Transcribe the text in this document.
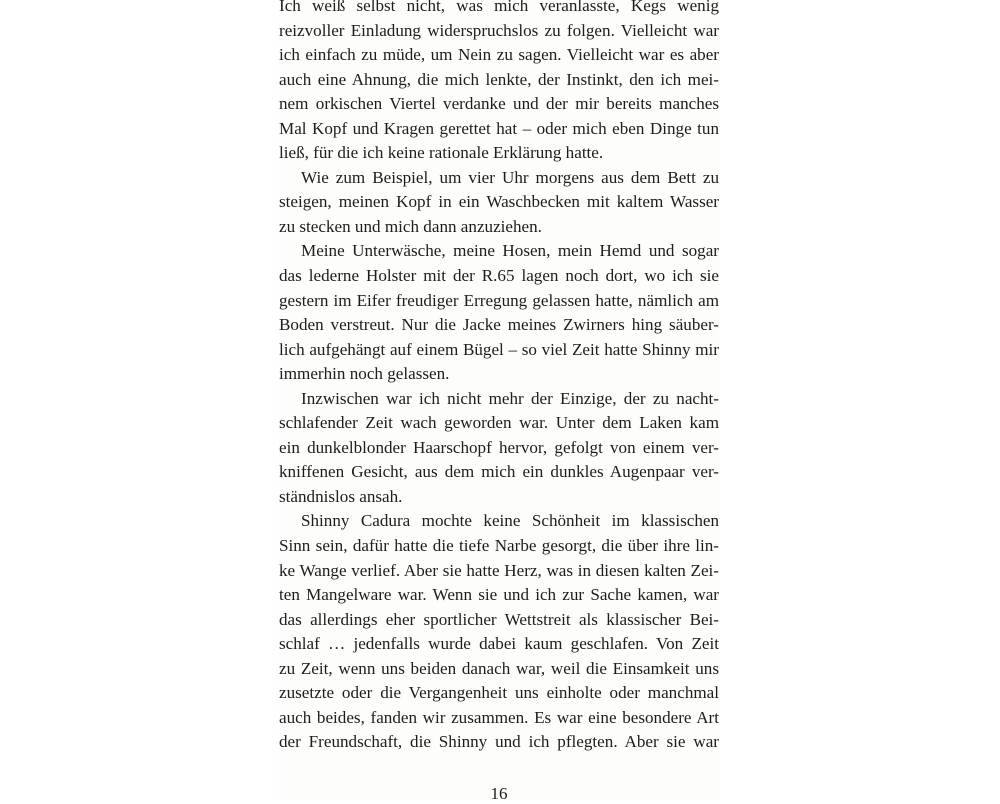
Ich weiß selbst nicht, was mich veranlasste, Kegs wenig
reizvoller Einladung widerspruchslos zu folgen. Vielleicht war
ich einfach zu müde, um Nein zu sagen. Vielleicht war es aber
auch eine Ahnung, die mich lenkte, der Instinkt, den ich mei-
nem orkischen Viertel verdanke und der mir bereits manches
Mal Kopf und Kragen gerettet hat – oder mich eben Dinge tun
ließ, für die ich keine rationale Erklärung hatte.
Wie zum Beispiel, um vier Uhr morgens aus dem Bett zu
steigen, meinen Kopf in ein Waschbecken mit kaltem Wasser
zu stecken und mich dann anzuziehen.
Meine Unterwäsche, meine Hosen, mein Hemd und sogar
das lederne Holster mit der R.65 lagen noch dort, wo ich sie
gestern im Eifer freudiger Erregung gelassen hatte, nämlich am
Boden verstreut. Nur die Jacke meines Zwirners hing säuber-
lich aufgehängt auf einem Bügel – so viel Zeit hatte Shinny mir
immerhin noch gelassen.
Inzwischen war ich nicht mehr der Einzige, der zu nacht-
schlafender Zeit wach geworden war. Unter dem Laken kam
ein dunkelblonder Haarschopf hervor, gefolgt von einem ver-
kniffenen Gesicht, aus dem mich ein dunkles Augenpaar ver-
ständnislos ansah.
Shinny Cadura mochte keine Schönheit im klassischen
Sinn sein, dafür hatte die tiefe Narbe gesorgt, die über ihre lin-
ke Wange verlief. Aber sie hatte Herz, was in diesen kalten Zei-
ten Mangelware war. Wenn sie und ich zur Sache kamen, war
das allerdings eher sportlicher Wettstreit als klassischer Bei-
schlaf … jedenfalls wurde dabei kaum geschlafen. Von Zeit
zu Zeit, wenn uns beiden danach war, weil die Einsamkeit uns
zusetzte oder die Vergangenheit uns einholte oder manchmal
auch beides, fanden wir zusammen. Es war eine besondere Art
der Freundschaft, die Shinny und ich pflegten. Aber sie war
16
